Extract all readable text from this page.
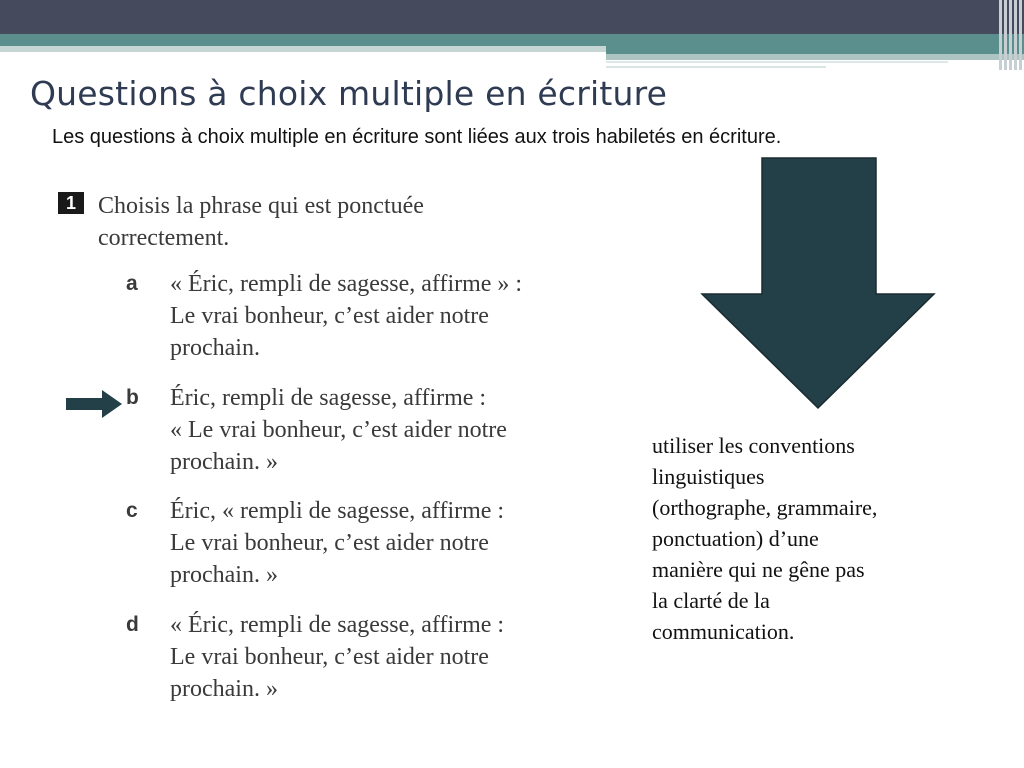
Questions à choix multiple en écriture
Les questions à choix multiple en écriture sont liées aux trois habiletés en écriture.
1 Choisis la phrase qui est ponctuée
correctement.
a « Éric, rempli de sagesse, affirme » :
Le vrai bonheur, c’est aider notre
prochain.
b Éric, rempli de sagesse, affirme :
« Le vrai bonheur, c’est aider notre
prochain. »
c Éric, « rempli de sagesse, affirme :
Le vrai bonheur, c’est aider notre
prochain. »
d « Éric, rempli de sagesse, affirme :
Le vrai bonheur, c’est aider notre
prochain. »
utiliser les conventions
linguistiques
(orthographe, grammaire,
ponctuation) d’une
manière qui ne gêne pas
la clarté de la
communication.
